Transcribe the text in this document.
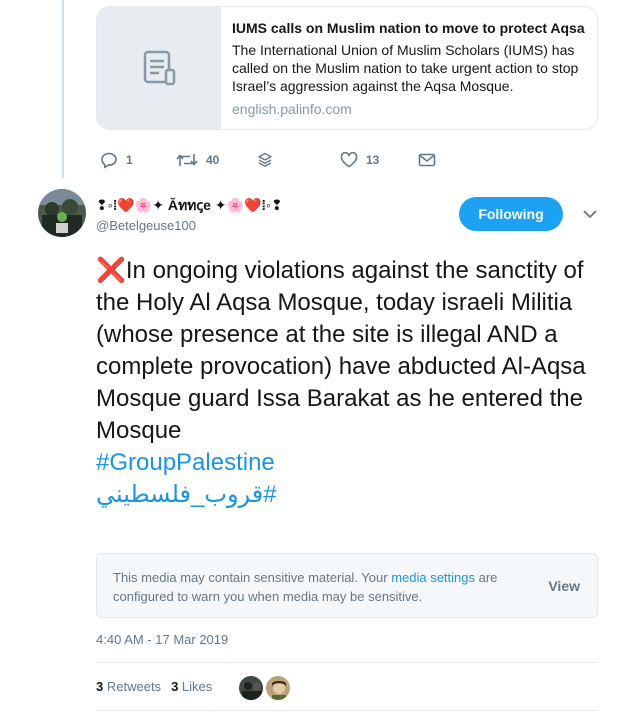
IUMS calls on Muslim nation to move to protect Aqsa
The International Union of Muslim Scholars (IUMS) has called on the Muslim nation to take urgent action to stop Israel’s aggression against the Aqsa Mosque.
english.palinfo.com
1	40	13
❢◦⁞❤️🌸✦ Ăททꞔe ✦🌸❤️⁞◦❢
@Betelgeuse100
Following
❌In ongoing violations against the sanctity of the Holy Al Aqsa Mosque, today israeli Militia (whose presence at the site is illegal AND a complete provocation) have abducted Al-Aqsa Mosque guard Issa Barakat as he entered the Mosque
#GroupPalestine
#قروب_فلسطيني
This media may contain sensitive material. Your media settings are configured to warn you when media may be sensitive.
View
4:40 AM - 17 Mar 2019
3 Retweets 3 Likes
